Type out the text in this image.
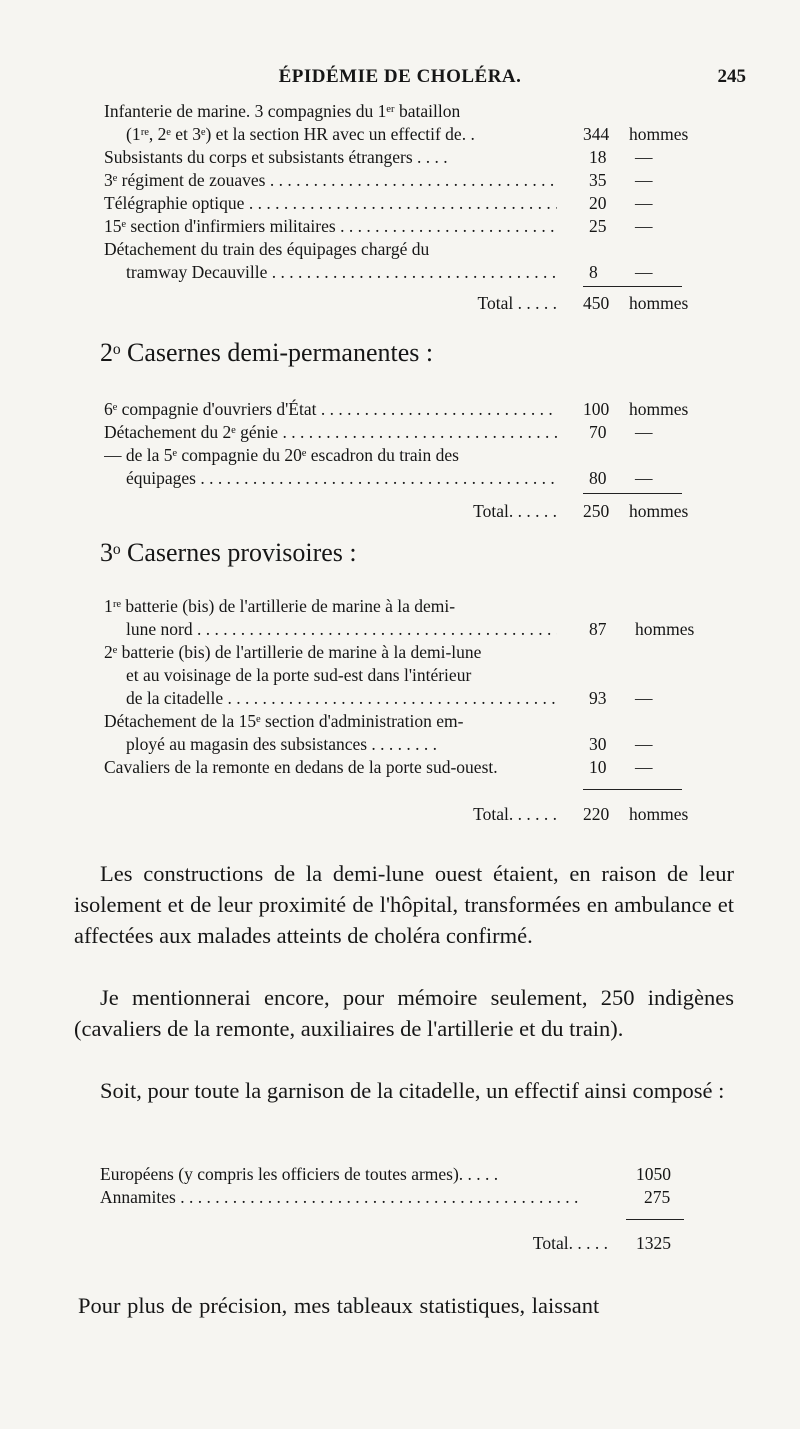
ÉPIDÉMIE DE CHOLÉRA.	245
Infanterie de marine. 3 compagnies du 1ᵉʳ bataillon
(1ʳᵉ, 2ᵉ et 3ᵉ) et la section HR avec un effectif de. .	344 hommes
Subsistants du corps et subsistants étrangers . . . .	18 —
3ᵉ régiment de zouaves . . .	35 —
Télégraphie optique . . .	20 —
15ᵉ section d'infirmiers militaires . . .	25 —
Détachement du train des équipages chargé du
tramway Decauville . . .	8 —
Total . . . . . 450 hommes
2ᵒ Casernes demi-permanentes :
6ᵉ compagnie d'ouvriers d'État . . .	100 hommes
Détachement du 2ᵉ génie . . .	70 —
— de la 5ᵉ compagnie du 20ᵉ escadron du train des
équipages . . .	80 —
Total. . . . . . 250 hommes
3ᵒ Casernes provisoires :
1ʳᵉ batterie (bis) de l'artillerie de marine à la demi-
lune nord . . .	87 hommes
2ᵉ batterie (bis) de l'artillerie de marine à la demi-lune
et au voisinage de la porte sud-est dans l'intérieur
de la citadelle . . .	93 —
Détachement de la 15ᵉ section d'administration em-
ployé au magasin des subsistances . . . . . . . .	30 —
Cavaliers de la remonte en dedans de la porte sud-ouest.	10 —
Total. . . . . . 220 hommes
Les constructions de la demi-lune ouest étaient, en raison de leur isolement et de leur proximité de l'hôpital, transformées en ambulance et affectées aux malades atteints de choléra confirmé.
Je mentionnerai encore, pour mémoire seulement, 250 indigènes (cavaliers de la remonte, auxiliaires de l'artillerie et du train).
Soit, pour toute la garnison de la citadelle, un effectif ainsi composé :
Européens (y compris les officiers de toutes armes). . . . .	1050
Annamites . . .	275
Total. . . . . 1325
Pour plus de précision, mes tableaux statistiques, laissant
